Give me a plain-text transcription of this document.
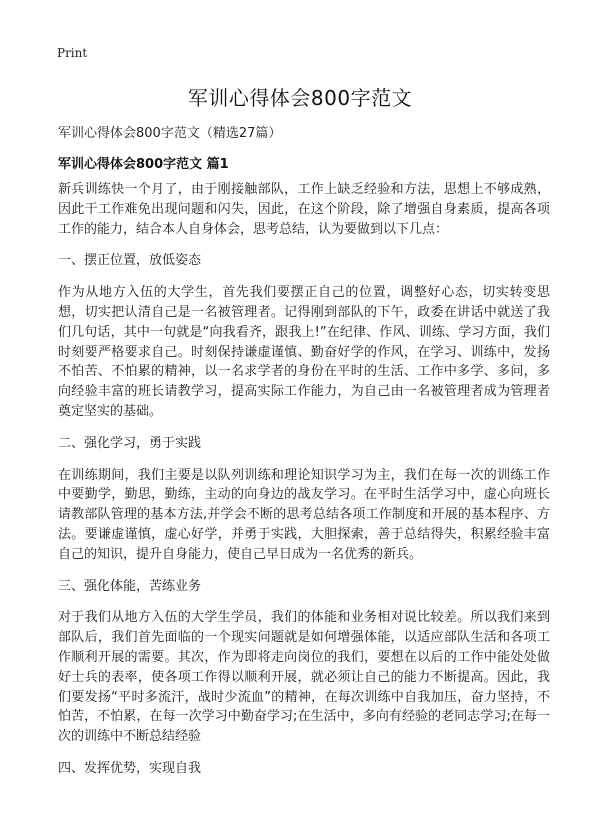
Print
军训心得体会800字范文

军训心得体会800字范文（精选27篇）

军训心得体会800字范文 篇1

新兵训练快一个月了，由于刚接触部队，工作上缺乏经验和方法，思想上不够成熟，因此干工作难免出现问题和闪失，因此，在这个阶段，除了增强自身素质，提高各项工作的能力，结合本人自身体会，思考总结，认为要做到以下几点：

一、摆正位置，放低姿态

作为从地方入伍的大学生，首先我们要摆正自己的位置，调整好心态，切实转变思想，切实把认清自己是一名被管理者。记得刚到部队的下午，政委在讲话中就送了我们几句话，其中一句就是“向我看齐，跟我上!”在纪律、作风、训练、学习方面，我们时刻要严格要求自己。时刻保持谦虚谨慎、勤奋好学的作风，在学习、训练中，发扬不怕苦、不怕累的精神，以一名求学者的身份在平时的生活、工作中多学、多问，多向经验丰富的班长请教学习，提高实际工作能力，为自己由一名被管理者成为管理者奠定坚实的基础。

二、强化学习，勇于实践

在训练期间，我们主要是以队列训练和理论知识学习为主，我们在每一次的训练工作中要勤学，勤思，勤练，主动的向身边的战友学习。在平时生活学习中，虚心向班长请教部队管理的基本方法,并学会不断的思考总结各项工作制度和开展的基本程序、方法。要谦虚谨慎，虚心好学，并勇于实践，大胆探索，善于总结得失，积累经验丰富自己的知识，提升自身能力，使自己早日成为一名优秀的新兵。

三、强化体能，苦练业务

对于我们从地方入伍的大学生学员，我们的体能和业务相对说比较差。所以我们来到部队后，我们首先面临的一个现实问题就是如何增强体能，以适应部队生活和各项工作顺利开展的需要。其次，作为即将走向岗位的我们，要想在以后的工作中能处处做好士兵的表率，使各项工作得以顺利开展，就必须让自己的能力不断提高。因此，我们要发扬“平时多流汗，战时少流血”的精神，在每次训练中自我加压，奋力坚持，不怕苦，不怕累，在每一次学习中勤奋学习;在生活中，多向有经验的老同志学习;在每一次的训练中不断总结经验

四、发挥优势，实现自我
